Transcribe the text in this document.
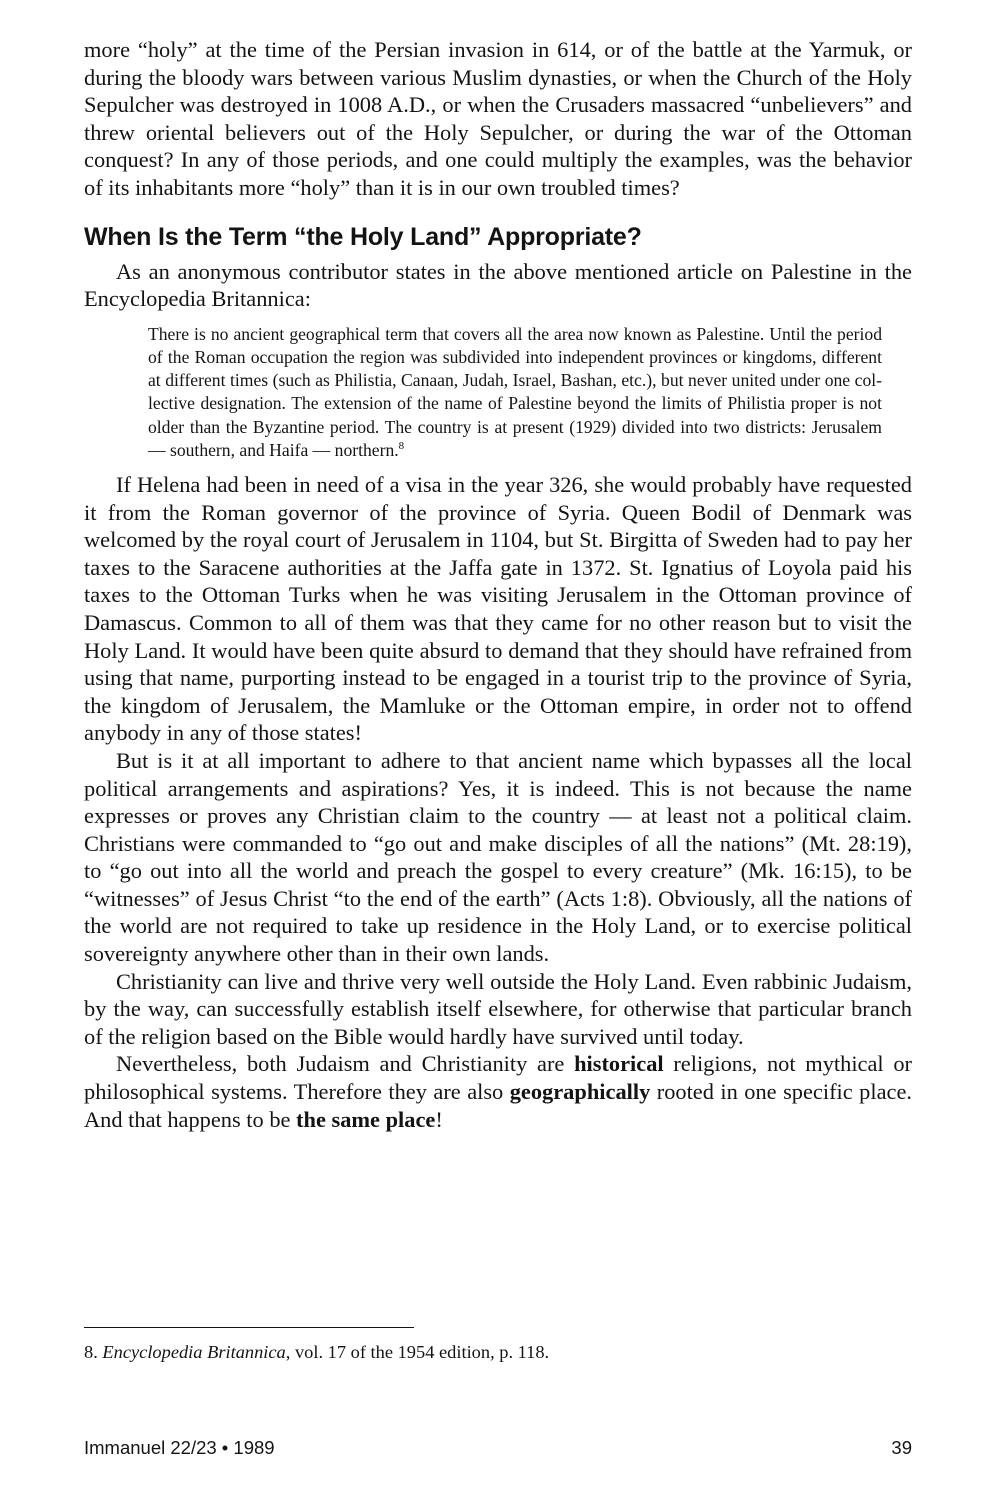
more “holy” at the time of the Persian invasion in 614, or of the battle at the Yarmuk, or during the bloody wars between various Muslim dynasties, or when the Church of the Holy Sepulcher was destroyed in 1008 A.D., or when the Crusaders massacred “unbelievers” and threw oriental believers out of the Holy Sepulcher, or during the war of the Ottoman conquest? In any of those periods, and one could multiply the examples, was the behavior of its inhabitants more “holy” than it is in our own troubled times?

When Is the Term “the Holy Land” Appropriate?

As an anonymous contributor states in the above mentioned article on Palestine in the Encyclopedia Britannica:

There is no ancient geographical term that covers all the area now known as Palestine. Until the period of the Roman occupation the region was subdivided into independent provinces or kingdoms, different at different times (such as Philistia, Canaan, Judah, Israel, Bashan, etc.), but never united under one collective designation. The extension of the name of Palestine beyond the limits of Philistia proper is not older than the Byzantine period. The country is at present (1929) divided into two districts: Jerusalem — southern, and Haifa — northern.$^8$

If Helena had been in need of a visa in the year 326, she would probably have requested it from the Roman governor of the province of Syria. Queen Bodil of Denmark was welcomed by the royal court of Jerusalem in 1104, but St. Birgitta of Sweden had to pay her taxes to the Saracene authorities at the Jaffa gate in 1372. St. Ignatius of Loyola paid his taxes to the Ottoman Turks when he was visiting Jerusalem in the Ottoman province of Damascus. Common to all of them was that they came for no other reason but to visit the Holy Land. It would have been quite absurd to demand that they should have refrained from using that name, purporting instead to be engaged in a tourist trip to the province of Syria, the kingdom of Jerusalem, the Mamluke or the Ottoman empire, in order not to offend anybody in any of those states!

But is it at all important to adhere to that ancient name which bypasses all the local political arrangements and aspirations? Yes, it is indeed. This is not because the name expresses or proves any Christian claim to the country — at least not a political claim. Christians were commanded to “go out and make disciples of all the nations” (Mt. 28:19), to “go out into all the world and preach the gospel to every creature” (Mk. 16:15), to be “witnesses” of Jesus Christ “to the end of the earth” (Acts 1:8). Obviously, all the nations of the world are not required to take up residence in the Holy Land, or to exercise political sovereignty anywhere other than in their own lands.

Christianity can live and thrive very well outside the Holy Land. Even rabbinic Judaism, by the way, can successfully establish itself elsewhere, for otherwise that particular branch of the religion based on the Bible would hardly have survived until today.

Nevertheless, both Judaism and Christianity are historical religions, not mythical or philosophical systems. Therefore they are also geographically rooted in one specific place. And that happens to be the same place!

8. Encyclopedia Britannica, vol. 17 of the 1954 edition, p. 118.

Immanuel 22/23 • 1989	39
